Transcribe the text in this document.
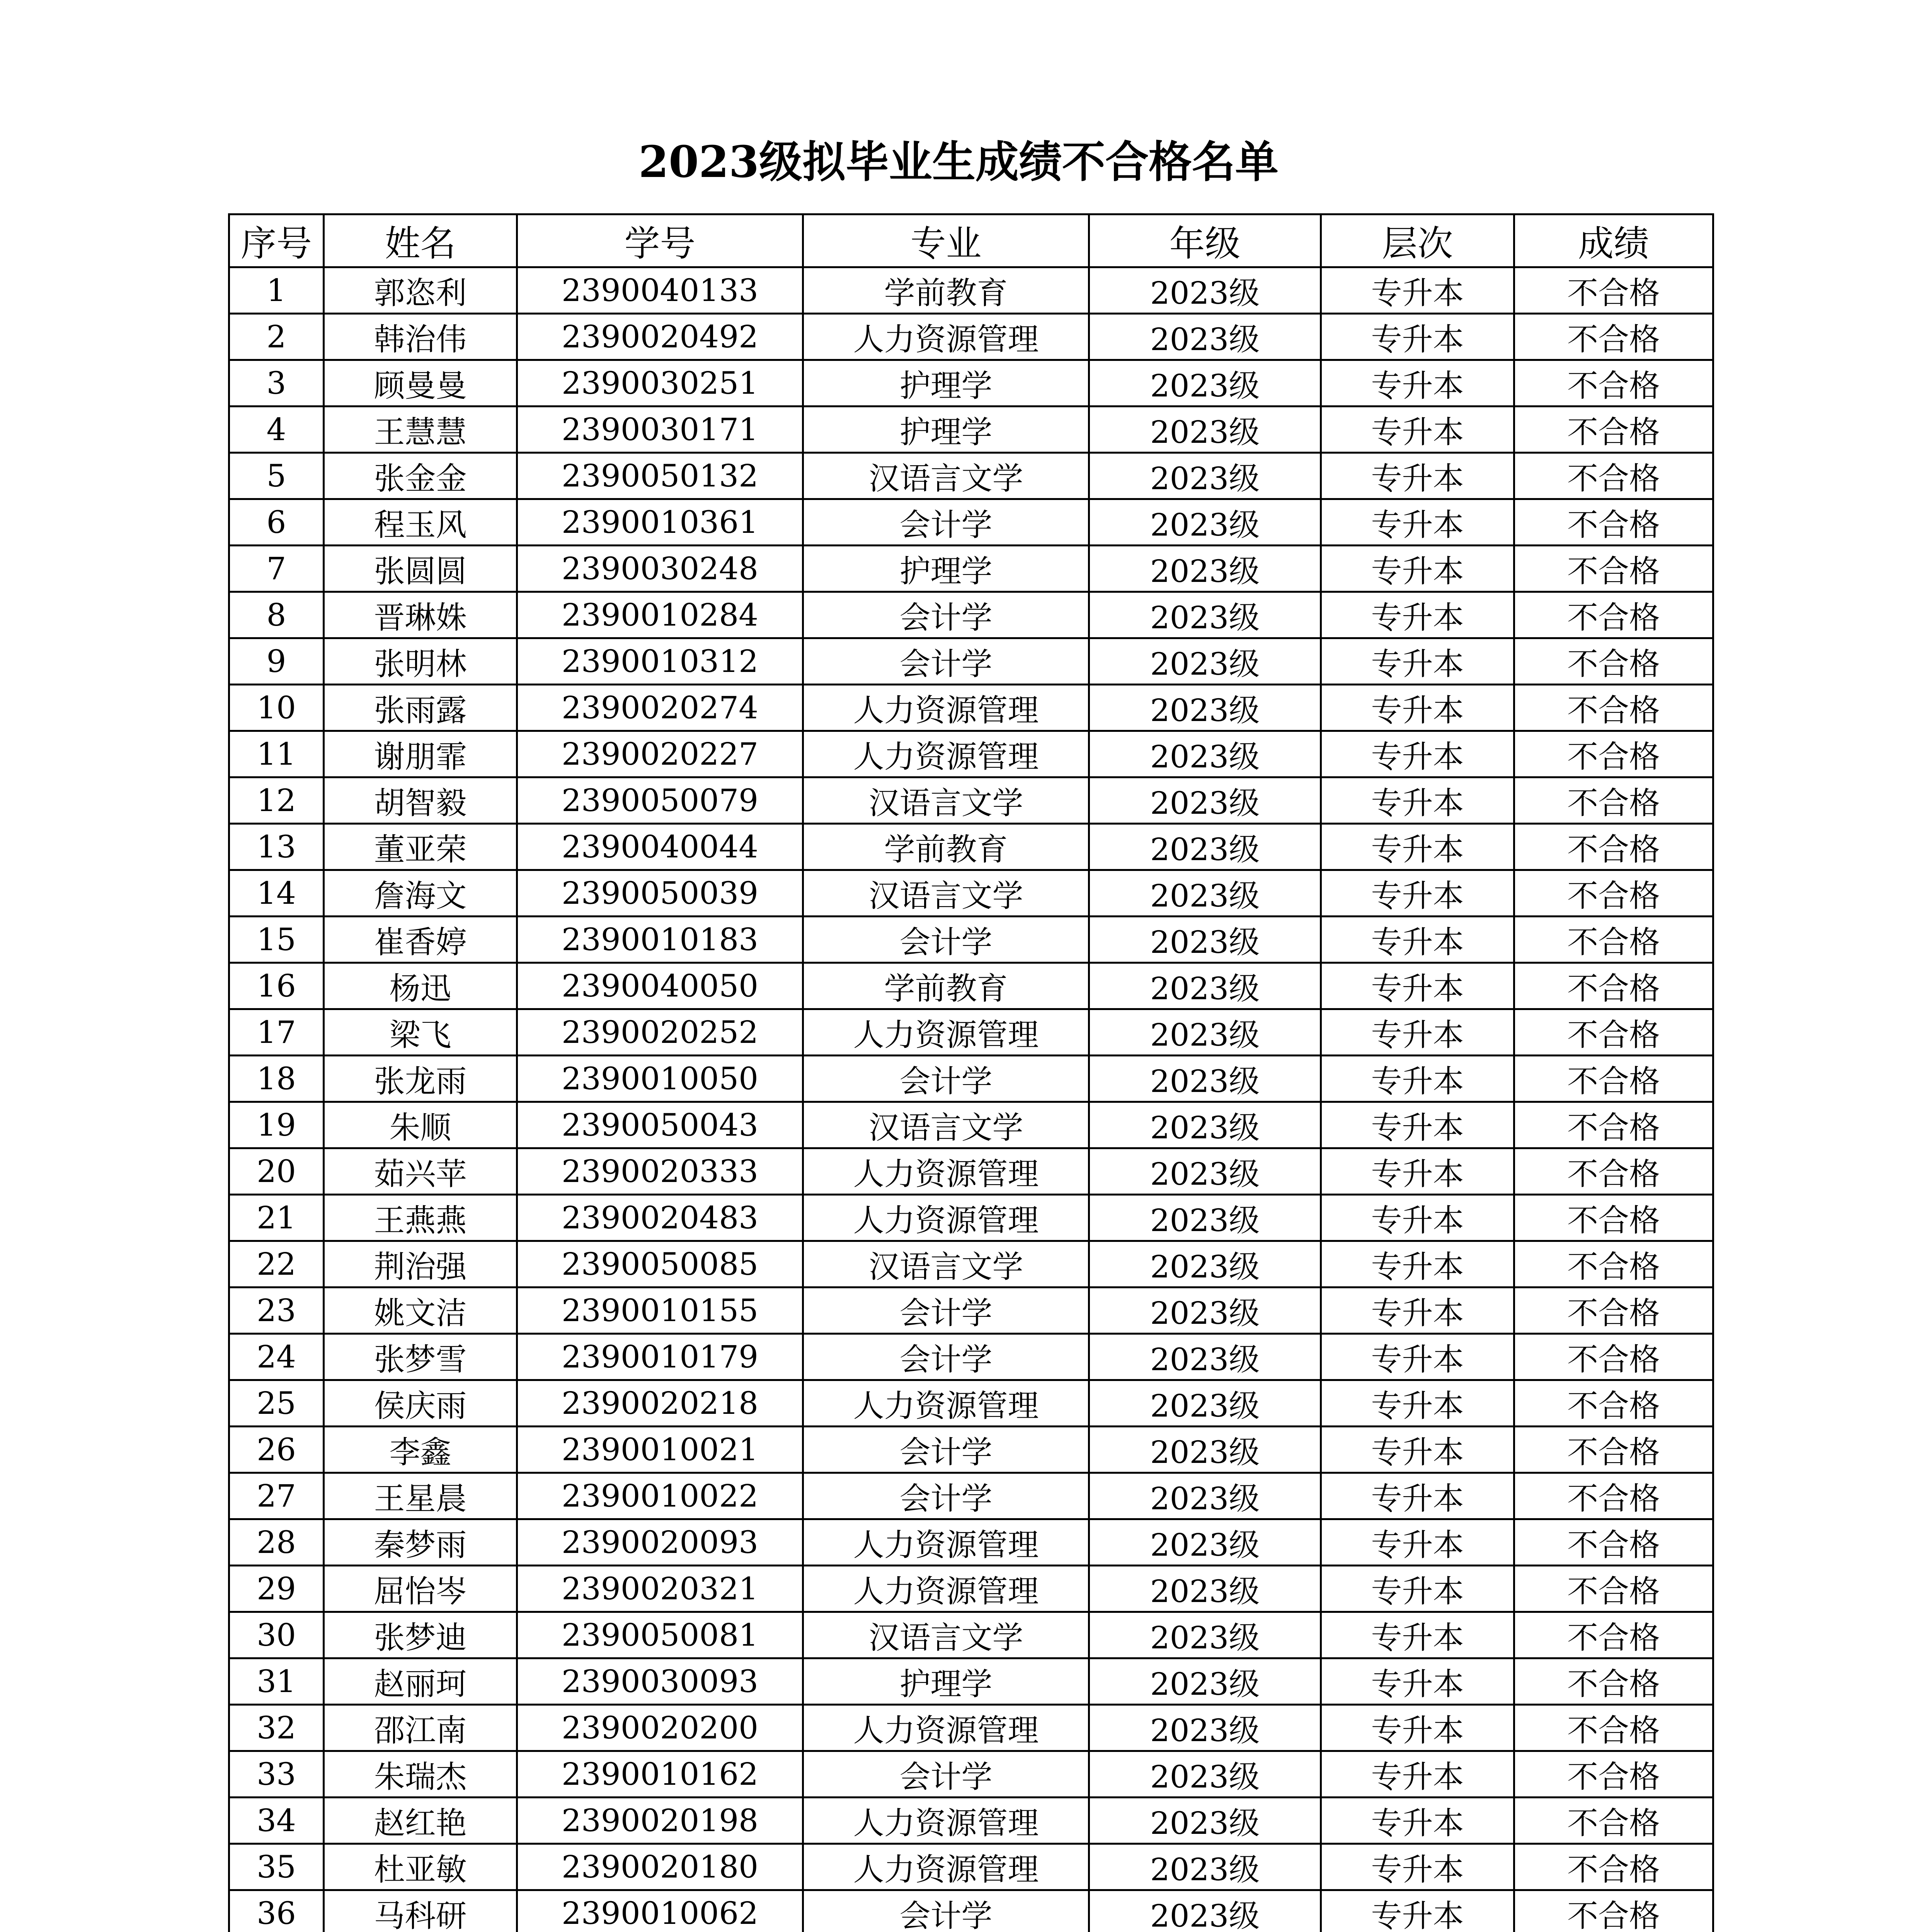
2023级拟毕业生成绩不合格名单
序号	姓名	学号	专业	年级	层次	成绩
1	郭恣利	2390040133	学前教育	2023级	专升本	不合格
2	韩治伟	2390020492	人力资源管理	2023级	专升本	不合格
3	顾曼曼	2390030251	护理学	2023级	专升本	不合格
4	王慧慧	2390030171	护理学	2023级	专升本	不合格
5	张金金	2390050132	汉语言文学	2023级	专升本	不合格
6	程玉风	2390010361	会计学	2023级	专升本	不合格
7	张圆圆	2390030248	护理学	2023级	专升本	不合格
8	晋琳姝	2390010284	会计学	2023级	专升本	不合格
9	张明林	2390010312	会计学	2023级	专升本	不合格
10	张雨露	2390020274	人力资源管理	2023级	专升本	不合格
11	谢朋霏	2390020227	人力资源管理	2023级	专升本	不合格
12	胡智毅	2390050079	汉语言文学	2023级	专升本	不合格
13	董亚荣	2390040044	学前教育	2023级	专升本	不合格
14	詹海文	2390050039	汉语言文学	2023级	专升本	不合格
15	崔香婷	2390010183	会计学	2023级	专升本	不合格
16	杨迅	2390040050	学前教育	2023级	专升本	不合格
17	梁飞	2390020252	人力资源管理	2023级	专升本	不合格
18	张龙雨	2390010050	会计学	2023级	专升本	不合格
19	朱顺	2390050043	汉语言文学	2023级	专升本	不合格
20	茹兴苹	2390020333	人力资源管理	2023级	专升本	不合格
21	王燕燕	2390020483	人力资源管理	2023级	专升本	不合格
22	荆治强	2390050085	汉语言文学	2023级	专升本	不合格
23	姚文洁	2390010155	会计学	2023级	专升本	不合格
24	张梦雪	2390010179	会计学	2023级	专升本	不合格
25	侯庆雨	2390020218	人力资源管理	2023级	专升本	不合格
26	李鑫	2390010021	会计学	2023级	专升本	不合格
27	王星晨	2390010022	会计学	2023级	专升本	不合格
28	秦梦雨	2390020093	人力资源管理	2023级	专升本	不合格
29	屈怡岑	2390020321	人力资源管理	2023级	专升本	不合格
30	张梦迪	2390050081	汉语言文学	2023级	专升本	不合格
31	赵丽珂	2390030093	护理学	2023级	专升本	不合格
32	邵江南	2390020200	人力资源管理	2023级	专升本	不合格
33	朱瑞杰	2390010162	会计学	2023级	专升本	不合格
34	赵红艳	2390020198	人力资源管理	2023级	专升本	不合格
35	杜亚敏	2390020180	人力资源管理	2023级	专升本	不合格
36	马科研	2390010062	会计学	2023级	专升本	不合格
